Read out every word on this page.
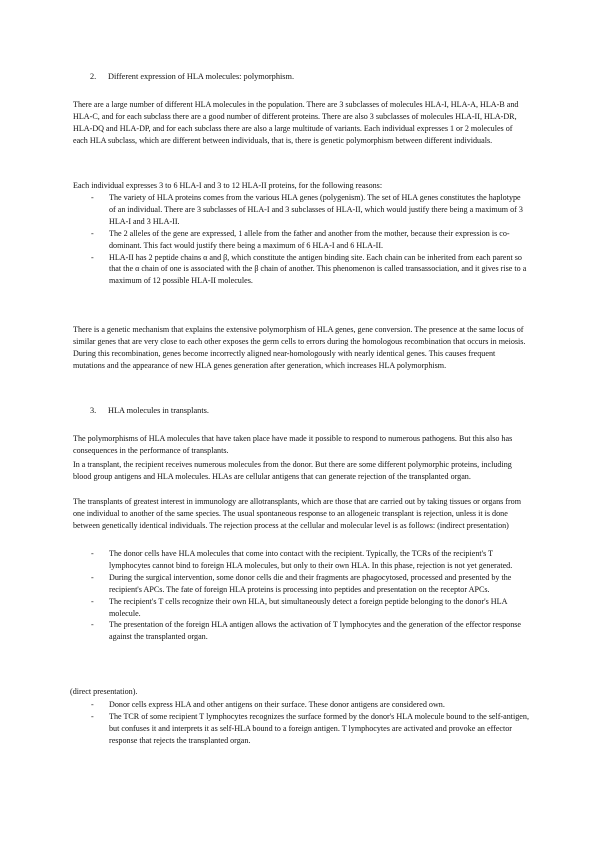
2. Different expression of HLA molecules: polymorphism.

There are a large number of different HLA molecules in the population. There are 3 subclasses of molecules HLA-I, HLA-A, HLA-B and HLA-C, and for each subclass there are a good number of different proteins. There are also 3 subclasses of molecules HLA-II, HLA-DR, HLA-DQ and HLA-DP, and for each subclass there are also a large multitude of variants. Each individual expresses 1 or 2 molecules of each HLA subclass, which are different between individuals, that is, there is genetic polymorphism between different individuals.

Each individual expresses 3 to 6 HLA-I and 3 to 12 HLA-II proteins, for the following reasons:

- The variety of HLA proteins comes from the various HLA genes (polygenism). The set of HLA genes constitutes the haplotype of an individual. There are 3 subclasses of HLA-I and 3 subclasses of HLA-II, which would justify there being a maximum of 3 HLA-I and 3 HLA-II.
- The 2 alleles of the gene are expressed, 1 allele from the father and another from the mother, because their expression is co-dominant. This fact would justify there being a maximum of 6 HLA-I and 6 HLA-II.
- HLA-II has 2 peptide chains α and β, which constitute the antigen binding site. Each chain can be inherited from each parent so that the α chain of one is associated with the β chain of another. This phenomenon is called transassociation, and it gives rise to a maximum of 12 possible HLA-II molecules.

There is a genetic mechanism that explains the extensive polymorphism of HLA genes, gene conversion. The presence at the same locus of similar genes that are very close to each other exposes the germ cells to errors during the homologous recombination that occurs in meiosis. During this recombination, genes become incorrectly aligned near-homologously with nearly identical genes. This causes frequent mutations and the appearance of new HLA genes generation after generation, which increases HLA polymorphism.

3. HLA molecules in transplants.

The polymorphisms of HLA molecules that have taken place have made it possible to respond to numerous pathogens. But this also has consequences in the performance of transplants.

In a transplant, the recipient receives numerous molecules from the donor. But there are some different polymorphic proteins, including blood group antigens and HLA molecules. HLAs are cellular antigens that can generate rejection of the transplanted organ.

The transplants of greatest interest in immunology are allotransplants, which are those that are carried out by taking tissues or organs from one individual to another of the same species. The usual spontaneous response to an allogeneic transplant is rejection, unless it is done between genetically identical individuals. The rejection process at the cellular and molecular level is as follows: (indirect presentation)

- The donor cells have HLA molecules that come into contact with the recipient. Typically, the TCRs of the recipient's T lymphocytes cannot bind to foreign HLA molecules, but only to their own HLA. In this phase, rejection is not yet generated.
- During the surgical intervention, some donor cells die and their fragments are phagocytosed, processed and presented by the recipient's APCs. The fate of foreign HLA proteins is processing into peptides and presentation on the receptor APCs.
- The recipient's T cells recognize their own HLA, but simultaneously detect a foreign peptide belonging to the donor's HLA molecule.
- The presentation of the foreign HLA antigen allows the activation of T lymphocytes and the generation of the effector response against the transplanted organ.

(direct presentation).

- Donor cells express HLA and other antigens on their surface. These donor antigens are considered own.
- The TCR of some recipient T lymphocytes recognizes the surface formed by the donor's HLA molecule bound to the self-antigen, but confuses it and interprets it as self-HLA bound to a foreign antigen. T lymphocytes are activated and provoke an effector response that rejects the transplanted organ.
